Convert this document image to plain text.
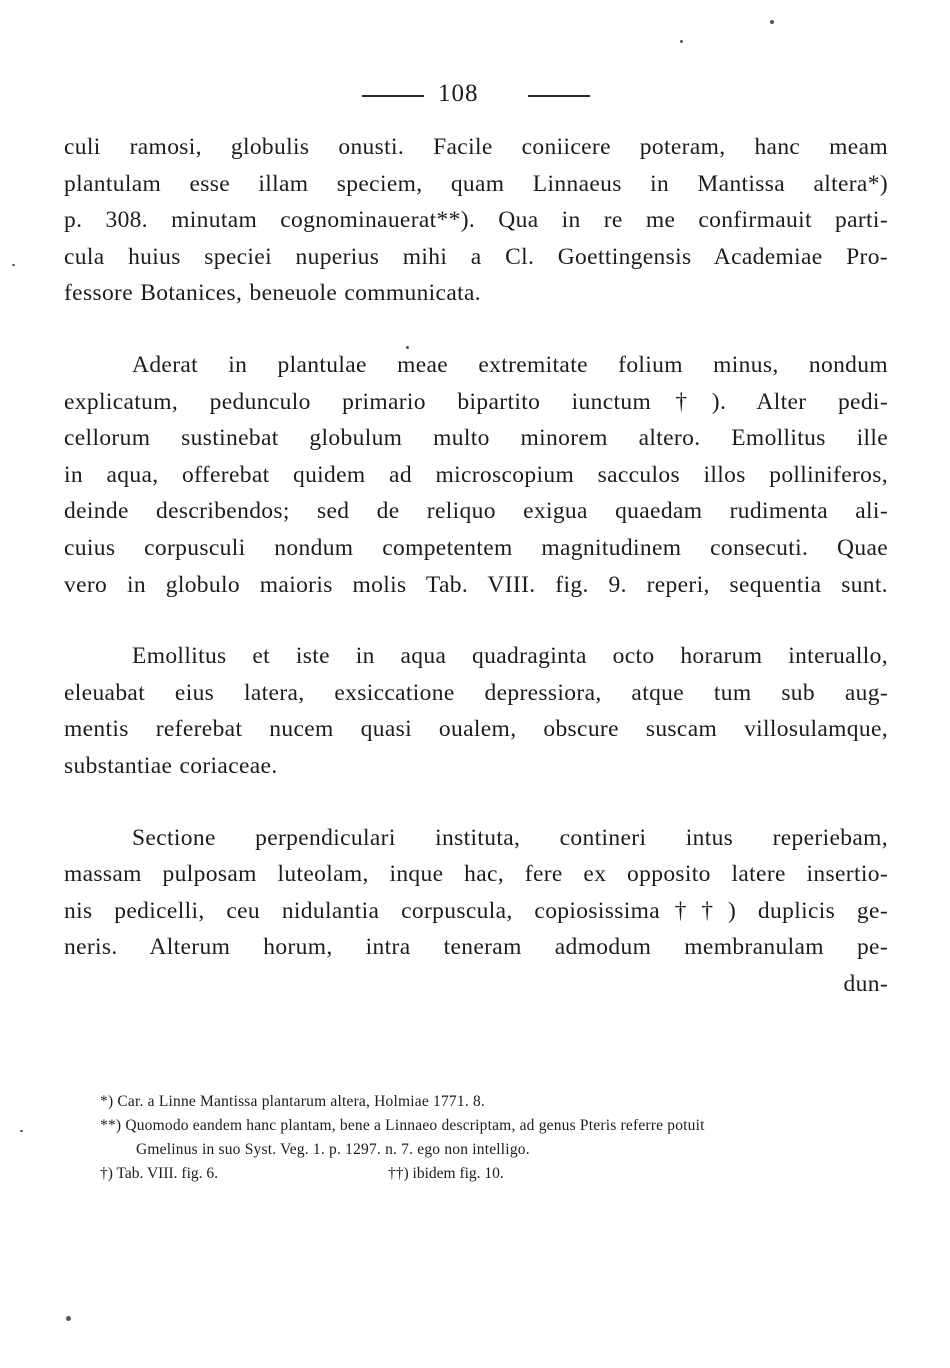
108

culi ramosi, globulis onusti. Facile coniicere poteram, hanc meam
plantulam esse illam speciem, quam Linnaeus in Mantissa altera*)
p. 308. minutam cognominauerat**). Qua in re me confirmauit parti-
cula huius speciei nuperius mihi a Cl. Goettingensis Academiae Pro-
fessore Botanices, beneuole communicata.

Aderat in plantulae meae extremitate folium minus, nondum
explicatum, pedunculo primario bipartito iunctum†). Alter pedi-
cellorum sustinebat globulum multo minorem altero. Emollitus ille
in aqua, offerebat quidem ad microscopium sacculos illos polliniferos,
deinde describendos; sed de reliquo exigua quaedam rudimenta ali-
cuius corpusculi nondum competentem magnitudinem consecuti. Quae
vero in globulo maioris molis Tab. VIII. fig. 9. reperi, sequentia sunt.

Emollitus et iste in aqua quadraginta octo horarum interuallo,
eleuabat eius latera, exsiccatione depressiora, atque tum sub aug-
mentis referebat nucem quasi oualem, obscure suscam villosulamque,
substantiae coriaceae.

Sectione perpendiculari instituta, contineri intus reperiebam,
massam pulposam luteolam, inque hac, fere ex opposito latere insertio-
nis pedicelli, ceu nidulantia corpuscula, copiosissima††) duplicis ge-
neris. Alterum horum, intra teneram admodum membranulam pe-
dun-

*) Car. a Linne Mantissa plantarum altera, Holmiae 1771. 8.
**) Quomodo eandem hanc plantam, bene a Linnaeo descriptam, ad genus Pteris referre potuit
Gmelinus in suo Syst. Veg. 1. p. 1297. n. 7. ego non intelligo.
†) Tab. VIII. fig. 6.	††) ibidem fig. 10.
